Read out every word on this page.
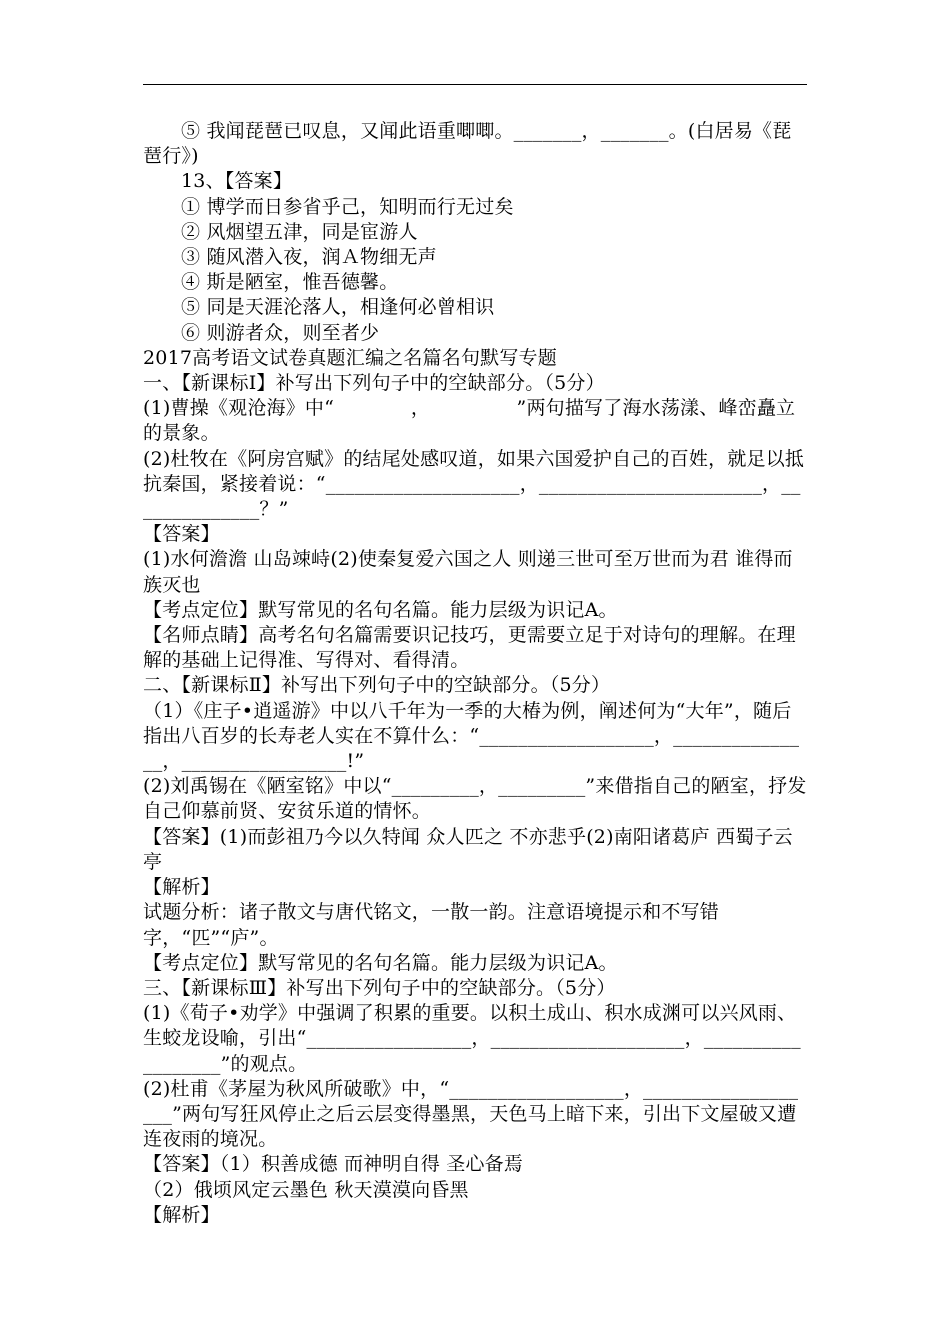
⑤ 我闻琵琶已叹息，又闻此语重唧唧。_______，_______。(白居易《琵琶行》)

13、【答案】

① 博学而日参省乎己，知明而行无过矣

② 风烟望五津，同是宦游人

③ 随风潜入夜，润Ａ物细无声

④ 斯是陋室，惟吾德馨。

⑤ 同是天涯沦落人，相逢何必曾相识

⑥ 则游者众，则至者少

2017高考语文试卷真题汇编之名篇名句默写专题

一、【新课标Ⅰ】补写出下列句子中的空缺部分。（5分）

(1)曹操《观沧海》中“　　　　，　　　　　”两句描写了海水荡漾、峰峦矗立的景象。

(2)杜牧在《阿房宫赋》的结尾处感叹道，如果六国爱护自己的百姓，就足以抵抗秦国，紧接着说：“____________________，_______________________，______________？”

【答案】

(1)水何澹澹 山岛竦峙(2)使秦复爱六国之人 则递三世可至万世而为君 谁得而族灭也

【考点定位】默写常见的名句名篇。能力层级为识记A。

【名师点睛】高考名句名篇需要识记技巧，更需要立足于对诗句的理解。在理解的基础上记得准、写得对、看得清。

二、【新课标Ⅱ】补写出下列句子中的空缺部分。（5分）

（1）《庄子•逍遥游》中以八千年为一季的大椿为例，阐述何为“大年”，随后指出八百岁的长寿老人实在不算什么：“__________________，_______________，_________________!”

(2)刘禹锡在《陋室铭》中以“_________，_________”来借指自己的陋室，抒发自己仰慕前贤、安贫乐道的情怀。

【答案】(1)而彭祖乃今以久特闻 众人匹之 不亦悲乎(2)南阳诸葛庐 西蜀子云亭

【解析】

试题分析：诸子散文与唐代铭文，一散一韵。注意语境提示和不写错字，“匹”“庐”。

【考点定位】默写常见的名句名篇。能力层级为识记A。

三、【新课标Ⅲ】补写出下列句子中的空缺部分。（5分）

(1)《荀子•劝学》中强调了积累的重要。以积土成山、积水成渊可以兴风雨、生蛟龙设喻，引出“_________________，____________________，__________________”的观点。

(2)杜甫《茅屋为秋风所破歌》中，“__________________，___________________”两句写狂风停止之后云层变得墨黑，天色马上暗下来，引出下文屋破又遭连夜雨的境况。

【答案】（1）积善成德 而神明自得 圣心备焉

（2）俄顷风定云墨色 秋天漠漠向昏黑

【解析】
